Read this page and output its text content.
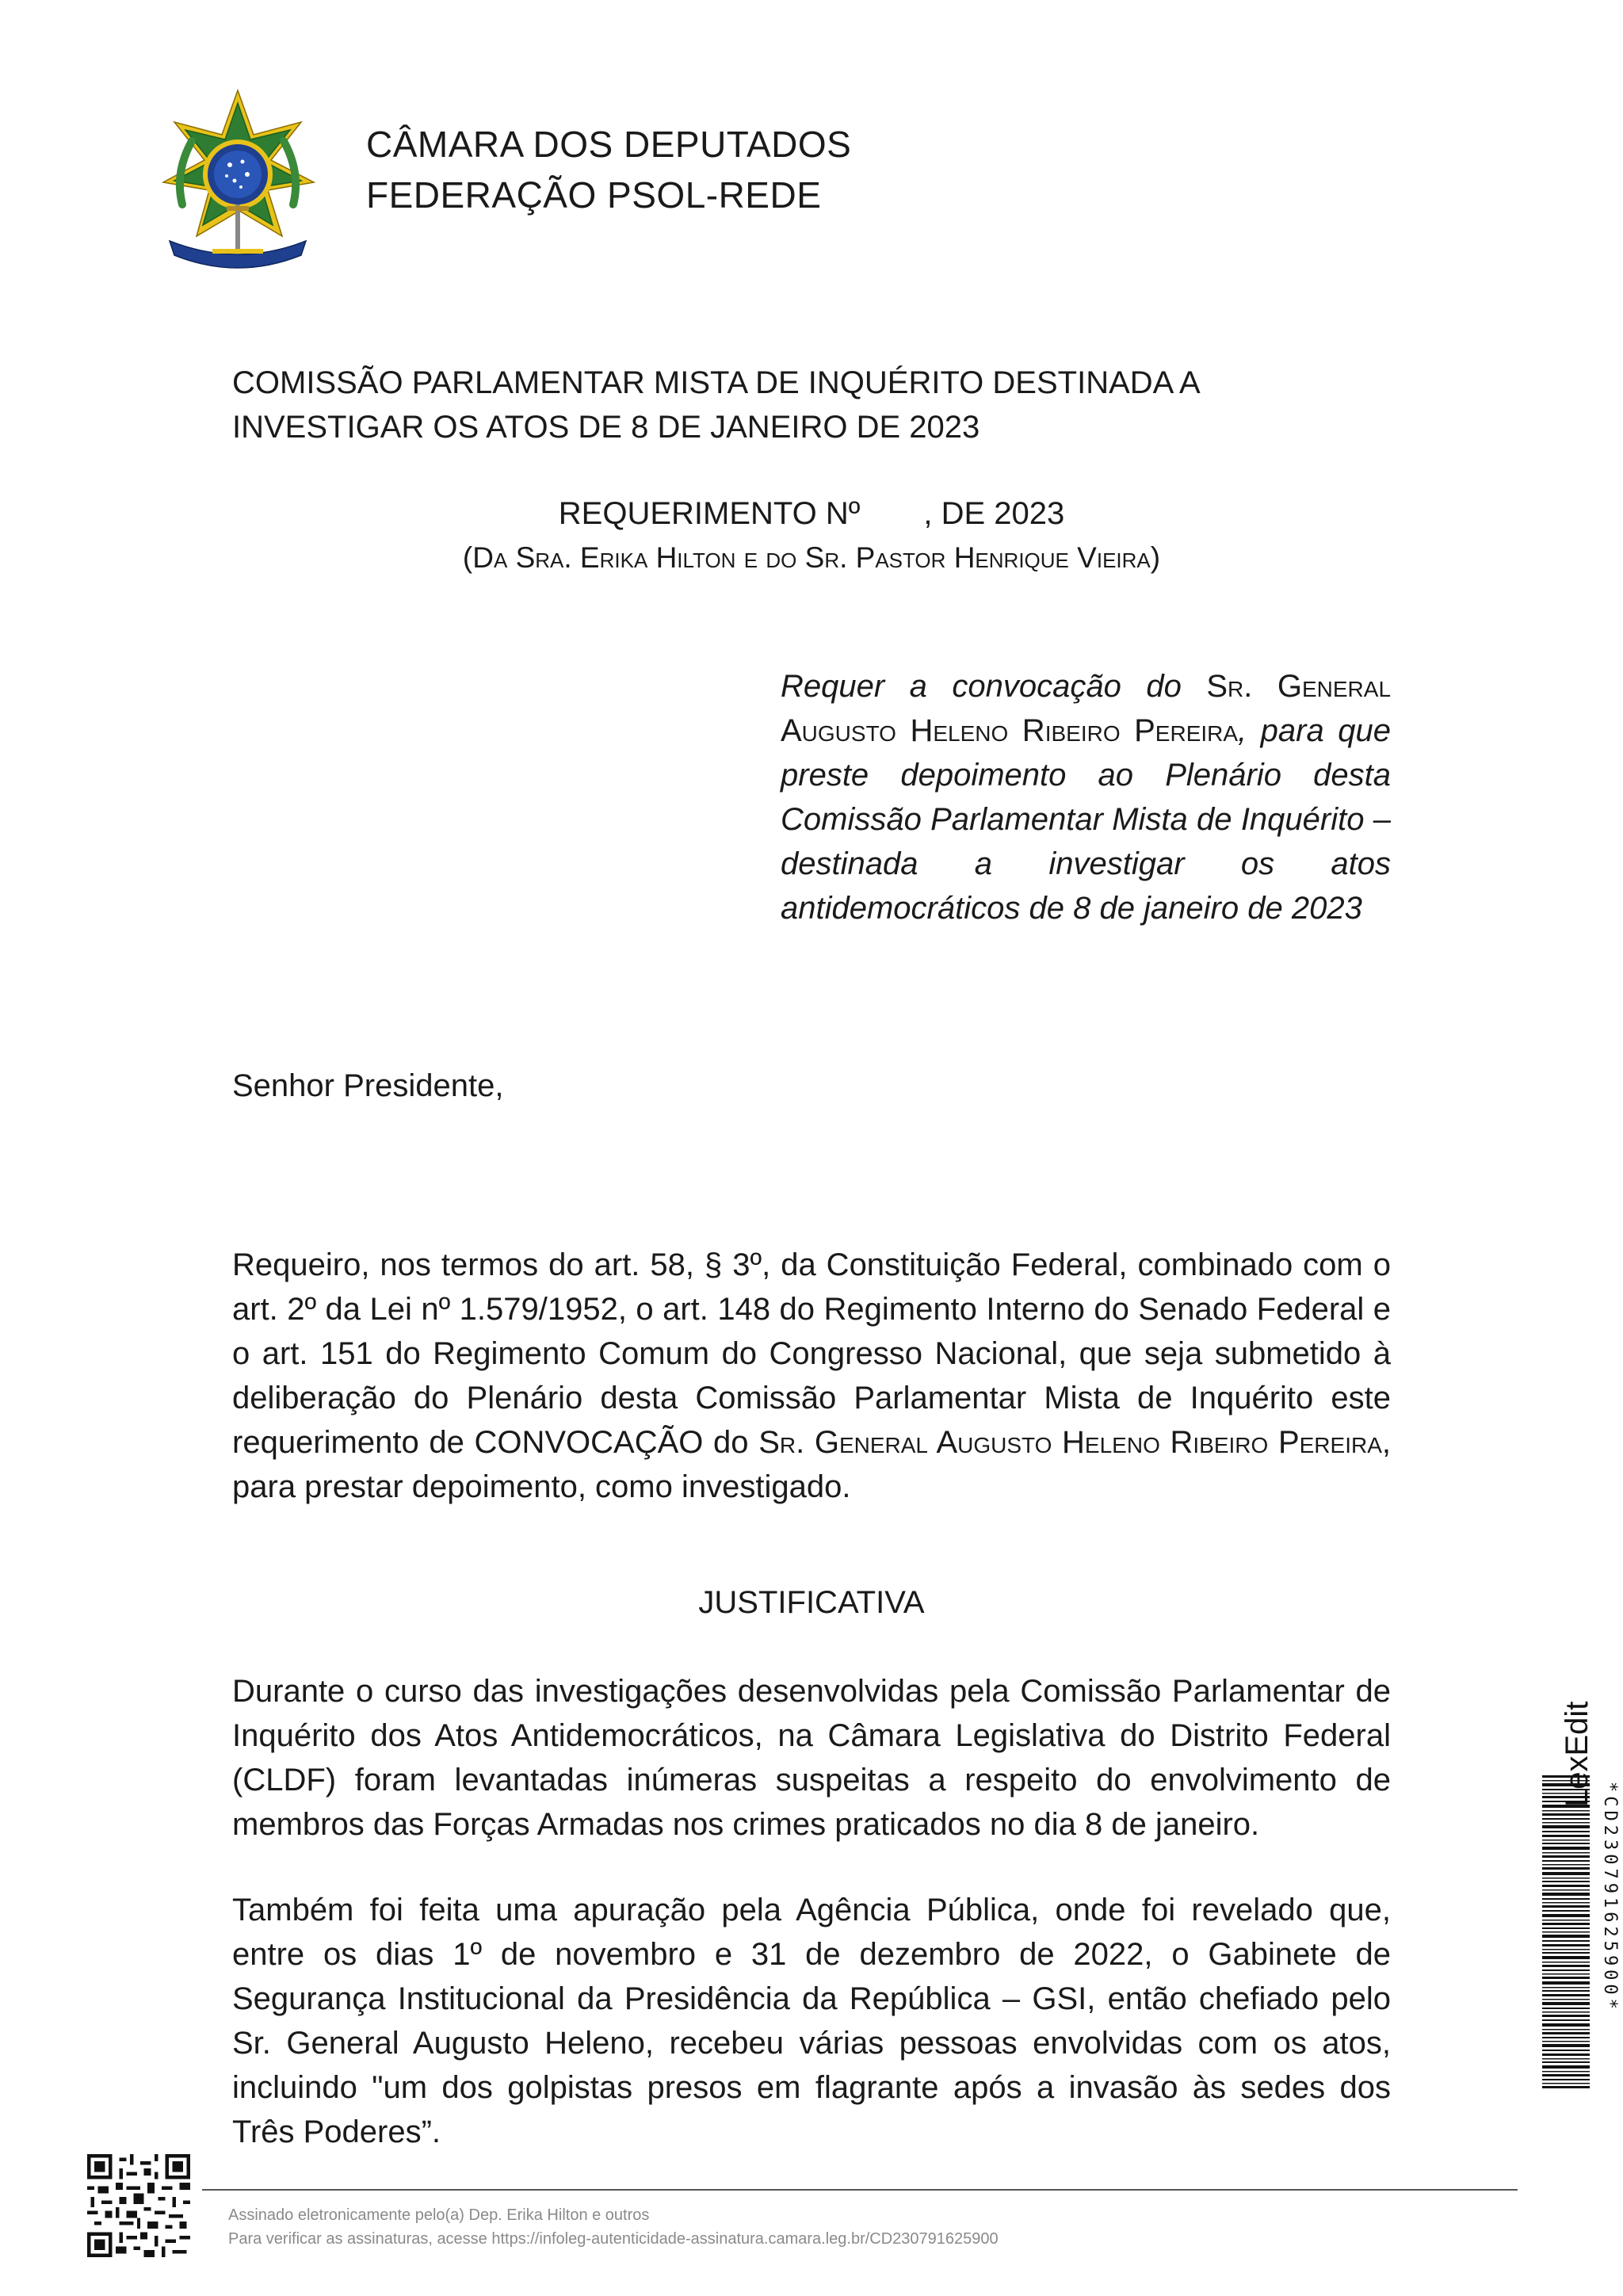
CÂMARA DOS DEPUTADOS
FEDERAÇÃO PSOL-REDE
COMISSÃO PARLAMENTAR MISTA DE INQUÉRITO DESTINADA A INVESTIGAR OS ATOS DE 8 DE JANEIRO DE 2023
REQUERIMENTO Nº , DE 2023
(Da Sra. Erika Hilton e do Sr. Pastor Henrique Vieira)
Requer a convocação do Sr. General Augusto Heleno Ribeiro Pereira, para que preste depoimento ao Plenário desta Comissão Parlamentar Mista de Inquérito – destinada a investigar os atos antidemocráticos de 8 de janeiro de 2023
Senhor Presidente,
Requeiro, nos termos do art. 58, § 3º, da Constituição Federal, combinado com o art. 2º da Lei nº 1.579/1952, o art. 148 do Regimento Interno do Senado Federal e o art. 151 do Regimento Comum do Congresso Nacional, que seja submetido à deliberação do Plenário desta Comissão Parlamentar Mista de Inquérito este requerimento de CONVOCAÇÃO do Sr. General Augusto Heleno Ribeiro Pereira, para prestar depoimento, como investigado.
JUSTIFICATIVA
Durante o curso das investigações desenvolvidas pela Comissão Parlamentar de Inquérito dos Atos Antidemocráticos, na Câmara Legislativa do Distrito Federal (CLDF) foram levantadas inúmeras suspeitas a respeito do envolvimento de membros das Forças Armadas nos crimes praticados no dia 8 de janeiro.
Também foi feita uma apuração pela Agência Pública, onde foi revelado que, entre os dias 1º de novembro e 31 de dezembro de 2022, o Gabinete de Segurança Institucional da Presidência da República – GSI, então chefiado pelo Sr. General Augusto Heleno, recebeu várias pessoas envolvidas com os atos, incluindo "um dos golpistas presos em flagrante após a invasão às sedes dos Três Poderes”.
LexEdit
*CD230791625900*
Assinado eletronicamente pelo(a) Dep. Erika Hilton e outros
Para verificar as assinaturas, acesse https://infoleg-autenticidade-assinatura.camara.leg.br/CD230791625900
